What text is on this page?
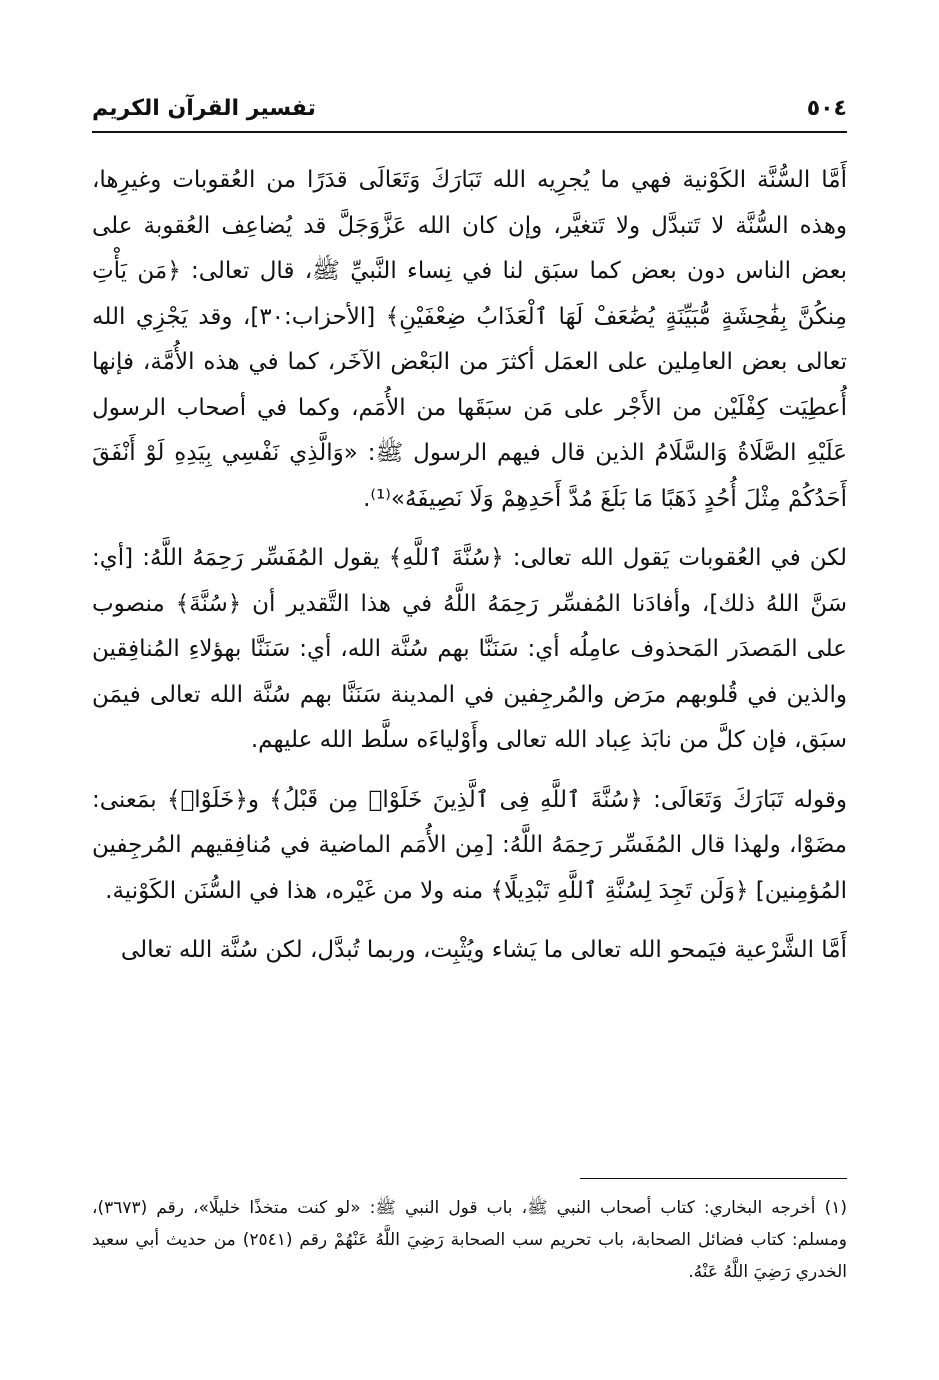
٥٠٤
تفسير القرآن الكريم

أَمَّا السُّنَّة الكَوْنية فهي ما يُجرِيه الله تَبَارَكَ وَتَعَالَى قدَرًا من العُقوبات وغيرِها، وهذه السُّنَّة لا تَتبدَّل ولا تَتغيَّر، وإن كان الله عَزَّوَجَلَّ قد يُضاعِف العُقوبة على بعض الناس دون بعض كما سبَق لنا في نِساء النَّبيِّ ﷺ، قال تعالى: ﴿مَن يَأْتِ مِنكُنَّ بِفَٰحِشَةٍ مُّبَيِّنَةٍ يُضَٰعَفْ لَهَا ٱلْعَذَابُ ضِعْفَيْنِ﴾ [الأحزاب:٣٠]، وقد يَجْزِي الله تعالى بعض العامِلين على العمَل أكثرَ من البَعْض الآخَر، كما في هذه الأُمَّة، فإنها أُعطِيَت كِفْلَيْن من الأَجْر على مَن سبَقَها من الأُمَم، وكما في أصحاب الرسول عَلَيْهِ الصَّلَاةُ وَالسَّلَامُ الذين قال فيهم الرسول ﷺ: «وَالَّذِي نَفْسِي بِيَدِهِ لَوْ أَنْفَقَ أَحَدُكُمْ مِثْلَ أُحُدٍ ذَهَبًا مَا بَلَغَ مُدَّ أَحَدِهِمْ وَلَا نَصِيفَهُ»⁽¹⁾.

لكن في العُقوبات يَقول الله تعالى: ﴿سُنَّةَ ٱللَّهِ﴾ يقول المُفَسِّر رَحِمَهُ اللَّهُ: [أي: سَنَّ اللهُ ذلك]، وأفادَنا المُفسِّر رَحِمَهُ اللَّهُ في هذا التَّقدير أن ﴿سُنَّةَ﴾ منصوب على المَصدَر المَحذوف عامِلُه أي: سَنَنَّا بهم سُنَّة الله، أي: سَنَنَّا بهؤلاءِ المُنافِقين والذين في قُلوبهم مرَض والمُرجِفين في المدينة سَنَنَّا بهم سُنَّة الله تعالى فيمَن سبَق، فإن كلَّ من نابَذ عِباد الله تعالى وأَوْلياءَه سلَّط الله عليهم.

وقوله تَبَارَكَ وَتَعَالَى: ﴿سُنَّةَ ٱللَّهِ فِى ٱلَّذِينَ خَلَوْا۟ مِن قَبْلُ﴾ و﴿خَلَوْا۟﴾ بمَعنى: مضَوْا، ولهذا قال المُفَسِّر رَحِمَهُ اللَّهُ: [مِن الأُمَم الماضية في مُنافِقيهم المُرجِفين المُؤمِنين] ﴿وَلَن تَجِدَ لِسُنَّةِ ٱللَّهِ تَبْدِيلًا﴾ منه ولا من غَيْره، هذا في السُّنَن الكَوْنية.

أَمَّا الشَّرْعية فيَمحو الله تعالى ما يَشاء ويُثْبِت، وربما تُبدَّل، لكن سُنَّة الله تعالى

(١) أخرجه البخاري: كتاب أصحاب النبي ﷺ، باب قول النبي ﷺ: «لو كنت متخذًا خليلًا»، رقم (٣٦٧٣)، ومسلم: كتاب فضائل الصحابة، باب تحريم سب الصحابة رَضِيَ اللَّهُ عَنْهُمْ رقم (٢٥٤١) من حديث أبي سعيد الخدري رَضِيَ اللَّهُ عَنْهُ.
